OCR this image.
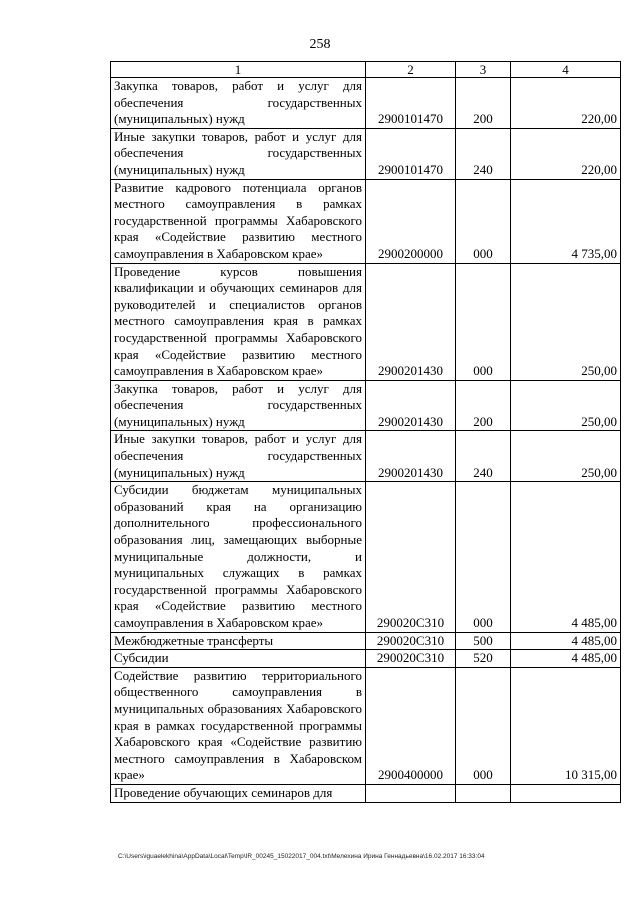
258
1	2	3	4
Закупка товаров, работ и услуг для обеспечения государственных (муниципальных) нужд	2900101470	200	220,00
Иные закупки товаров, работ и услуг для обеспечения государственных (муниципальных) нужд	2900101470	240	220,00
Развитие кадрового потенциала органов местного самоуправления в рамках государственной программы Хабаровского края «Содействие развитию местного самоуправления в Хабаровском крае»	2900200000	000	4 735,00
Проведение курсов повышения квалификации и обучающих семинаров для руководителей и специалистов органов местного самоуправления края в рамках государственной программы Хабаровского края «Содействие развитию местного самоуправления в Хабаровском крае»	2900201430	000	250,00
Закупка товаров, работ и услуг для обеспечения государственных (муниципальных) нужд	2900201430	200	250,00
Иные закупки товаров, работ и услуг для обеспечения государственных (муниципальных) нужд	2900201430	240	250,00
Субсидии бюджетам муниципальных образований края на организацию дополнительного профессионального образования лиц, замещающих выборные муниципальные должности, и муниципальных служащих в рамках государственной программы Хабаровского края «Содействие развитию местного самоуправления в Хабаровском крае»	290020С310	000	4 485,00
Межбюджетные трансферты	290020С310	500	4 485,00
Субсидии	290020С310	520	4 485,00
Содействие развитию территориального общественного самоуправления в муниципальных образованиях Хабаровского края в рамках государственной программы Хабаровского края «Содействие развитию местного самоуправления в Хабаровском крае»	2900400000	000	10 315,00
Проведение обучающих семинаров для			
C:\Users\iguaelekhina\AppData\Local\Temp\IR_00245_15022017_004.txt\Мелехина Ирина Геннадьевна\16.02.2017 16:33:04
